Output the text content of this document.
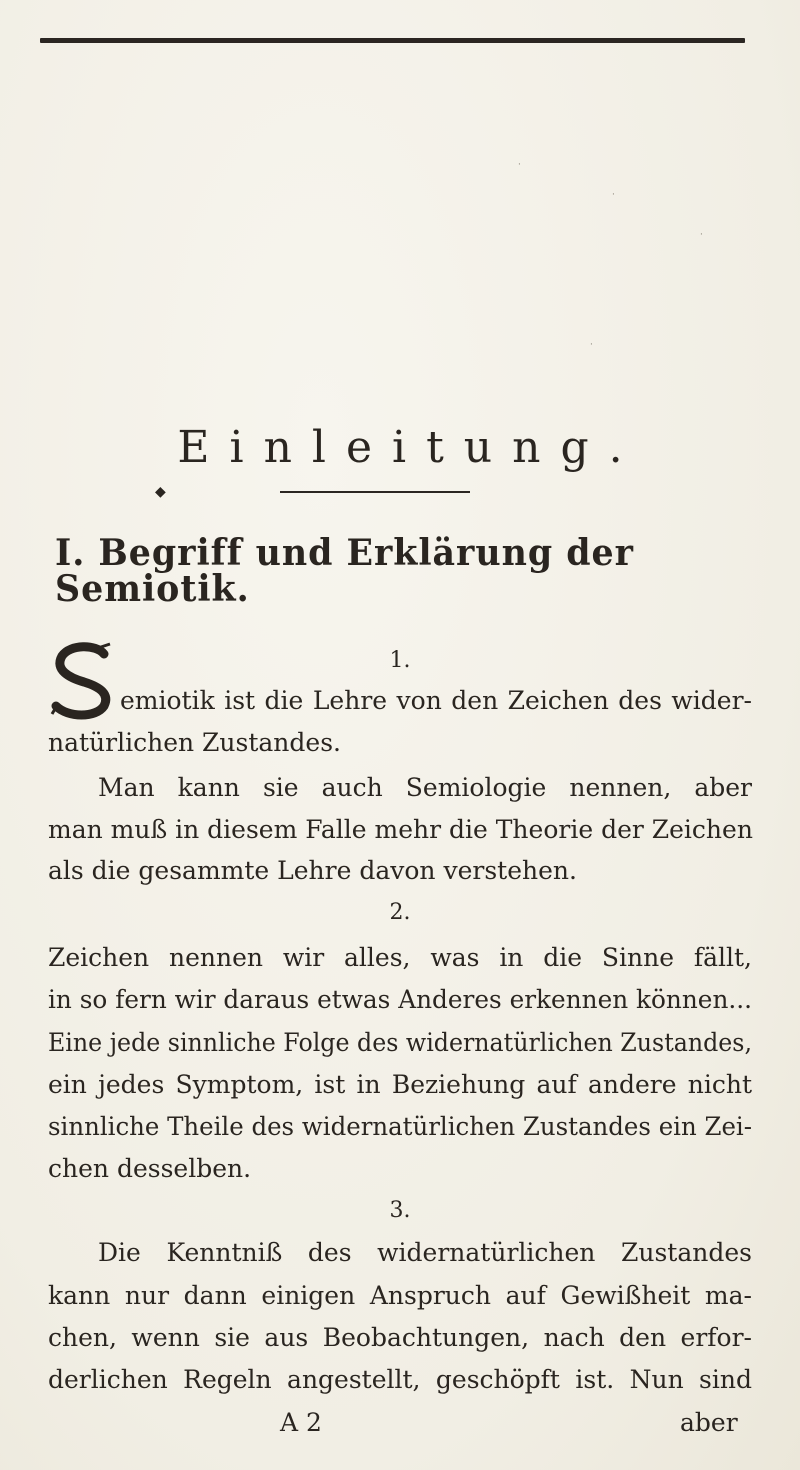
·
·
·
·
Einleitung.
◆
I. Begriff und Erklärung der Semiotik.
1.
emiotik ist die Lehre von den Zeichen des wider-
natürlichen Zustandes.
Man kann sie auch Semiologie nennen, aber
man muß in diesem Falle mehr die Theorie der Zeichen
als die gesammte Lehre davon verstehen.
2.
Zeichen nennen wir alles, was in die Sinne fällt,
in so fern wir daraus etwas Anderes erkennen können...
Eine jede sinnliche Folge des widernatürlichen Zustandes,
ein jedes Symptom, ist in Beziehung auf andere nicht
sinnliche Theile des widernatürlichen Zustandes ein Zei-
chen desselben.
3.
Die Kenntniß des widernatürlichen Zustandes
kann nur dann einigen Anspruch auf Gewißheit ma-
chen, wenn sie aus Beobachtungen, nach den erfor-
derlichen Regeln angestellt, geschöpft ist. Nun sind
A 2	aber
